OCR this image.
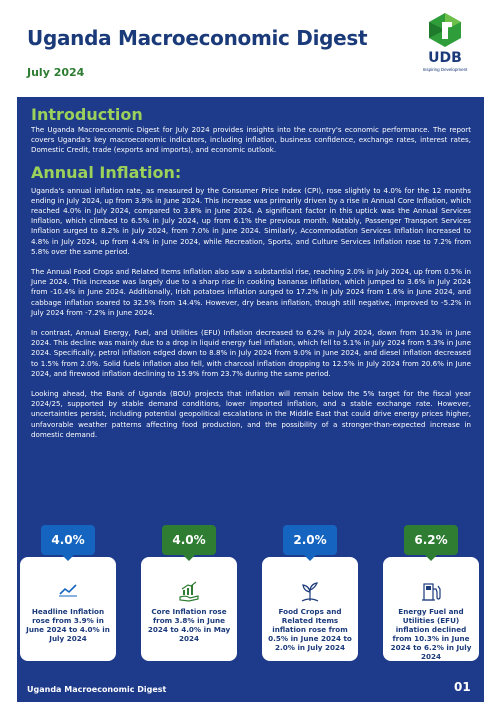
Uganda Macroeconomic Digest
July 2024
UDB
Inspiring Development
Introduction
The Uganda Macroeconomic Digest for July 2024 provides insights into the country's economic performance. The report covers Uganda's key macroeconomic indicators, including inflation, business confidence, exchange rates, interest rates, Domestic Credit, trade (exports and imports), and economic outlook.
Annual Inflation:
Uganda's annual inflation rate, as measured by the Consumer Price Index (CPI), rose slightly to 4.0% for the 12 months ending in July 2024, up from 3.9% in June 2024. This increase was primarily driven by a rise in Annual Core Inflation, which reached 4.0% in July 2024, compared to 3.8% in June 2024. A significant factor in this uptick was the Annual Services Inflation, which climbed to 6.5% in July 2024, up from 6.1% the previous month. Notably, Passenger Transport Services Inflation surged to 8.2% in July 2024, from 7.0% in June 2024. Similarly, Accommodation Services Inflation increased to 4.8% in July 2024, up from 4.4% in June 2024, while Recreation, Sports, and Culture Services Inflation rose to 7.2% from 5.8% over the same period.
The Annual Food Crops and Related Items Inflation also saw a substantial rise, reaching 2.0% in July 2024, up from 0.5% in June 2024. This increase was largely due to a sharp rise in cooking bananas inflation, which jumped to 3.6% in July 2024 from -10.4% in June 2024. Additionally, Irish potatoes inflation surged to 17.2% in July 2024 from 1.6% in June 2024, and cabbage inflation soared to 32.5% from 14.4%. However, dry beans inflation, though still negative, improved to -5.2% in July 2024 from -7.2% in June 2024.
In contrast, Annual Energy, Fuel, and Utilities (EFU) Inflation decreased to 6.2% in July 2024, down from 10.3% in June 2024. This decline was mainly due to a drop in liquid energy fuel inflation, which fell to 5.1% in July 2024 from 5.3% in June 2024. Specifically, petrol inflation edged down to 8.8% in July 2024 from 9.0% in June 2024, and diesel inflation decreased to 1.5% from 2.0%. Solid fuels inflation also fell, with charcoal inflation dropping to 12.5% in July 2024 from 20.6% in June 2024, and firewood inflation declining to 15.9% from 23.7% during the same period.
Looking ahead, the Bank of Uganda (BOU) projects that inflation will remain below the 5% target for the fiscal year 2024/25, supported by stable demand conditions, lower imported inflation, and a stable exchange rate. However, uncertainties persist, including potential geopolitical escalations in the Middle East that could drive energy prices higher, unfavorable weather patterns affecting food production, and the possibility of a stronger-than-expected increase in domestic demand.
Headline Inflation rose from 3.9% in June 2024 to 4.0% in July 2024
4.0%
Core Inflation rose from 3.8% in June 2024 to 4.0% in May 2024
4.0%
Food Crops and Related Items inflation rose from 0.5% in June 2024 to 2.0% in July 2024
2.0%
Energy Fuel and Utilities (EFU) inflation declined from 10.3% in June 2024 to 6.2% in July 2024
6.2%
Uganda Macroeconomic Digest	01
